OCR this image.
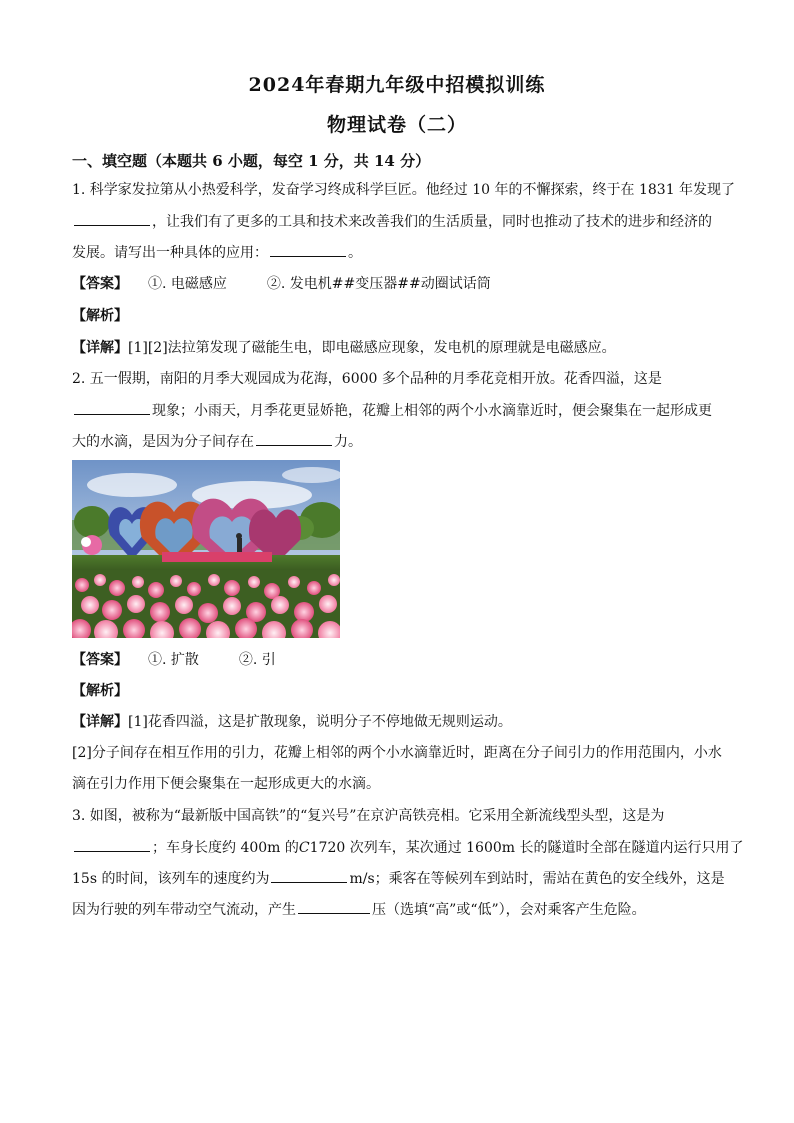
2024年春期九年级中招模拟训练
物理试卷（二）
一、填空题（本题共 6 小题，每空 1 分，共 14 分）
1. 科学家发拉第从小热爱科学，发奋学习终成科学巨匠。他经过 10 年的不懈探索，终于在 1831 年发现了
，让我们有了更多的工具和技术来改善我们的生活质量，同时也推动了技术的进步和经济的
发展。请写出一种具体的应用：	。
【答案】 ①. 电磁感应	②. 发电机##变压器##动圈试话筒
【解析】
【详解】[1][2]法拉第发现了磁能生电，即电磁感应现象，发电机的原理就是电磁感应。
2. 五一假期，南阳的月季大观园成为花海，6000 多个品种的月季花竞相开放。花香四溢，这是
现象；小雨天，月季花更显娇艳，花瓣上相邻的两个小水滴靠近时，便会聚集在一起形成更
大的水滴，是因为分子间存在	力。
【答案】 ①. 扩散	②. 引
【解析】
【详解】[1]花香四溢，这是扩散现象，说明分子不停地做无规则运动。
[2]分子间存在相互作用的引力，花瓣上相邻的两个小水滴靠近时，距离在分子间引力的作用范围内，小水
滴在引力作用下便会聚集在一起形成更大的水滴。
3. 如图，被称为“最新版中国高铁”的“复兴号”在京沪高铁亮相。它采用全新流线型头型，这是为
；车身长度约 400m 的C1720 次列车，某次通过 1600m 长的隧道时全部在隧道内运行只用了
15s 的时间，该列车的速度约为	m/s；乘客在等候列车到站时，需站在黄色的安全线外，这是
因为行驶的列车带动空气流动，产生	压（选填“高”或“低”），会对乘客产生危险。
